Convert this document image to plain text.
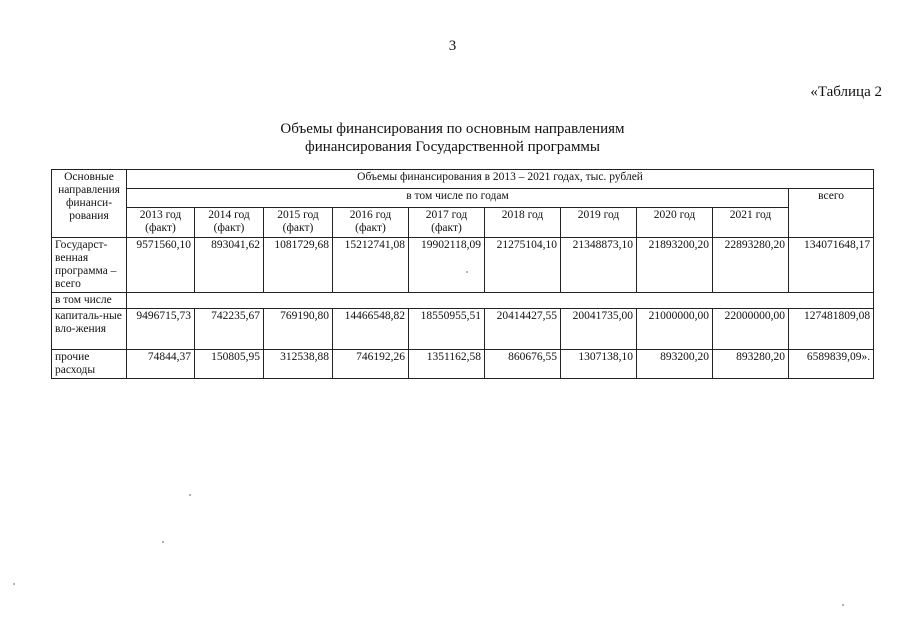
3
«Таблица 2
Объемы финансирования по основным направлениям
финансирования Государственной программы
Основные направления финанси-рования	Объемы финансирования в 2013 – 2021 годах, тыс. рублей									
	в том числе по годам									всего
	2013 год (факт)	2014 год (факт)	2015 год (факт)	2016 год (факт)	2017 год (факт)	2018 год	2019 год	2020 год	2021 год	
Государст-венная программа – всего	9571560,10	893041,62	1081729,68	15212741,08	19902118,09	21275104,10	21348873,10	21893200,20	22893280,20	134071648,17
в том числе										
капиталь-ные вло-жения	9496715,73	742235,67	769190,80	14466548,82	18550955,51	20414427,55	20041735,00	21000000,00	22000000,00	127481809,08
прочие расходы	74844,37	150805,95	312538,88	746192,26	1351162,58	860676,55	1307138,10	893200,20	893280,20	6589839,09».
